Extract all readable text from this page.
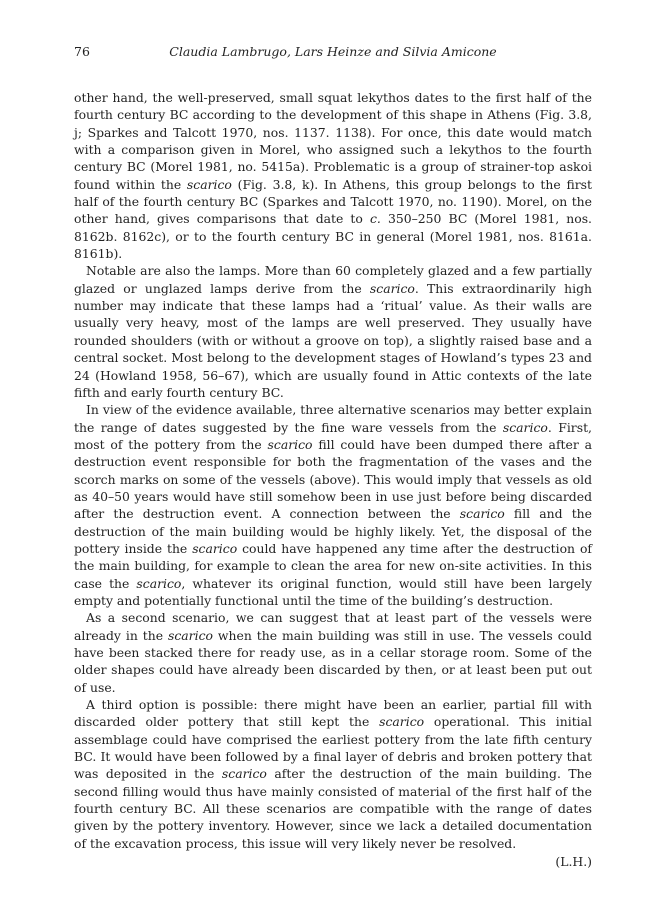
76	Claudia Lambrugo, Lars Heinze and Silvia Amicone

other hand, the well-preserved, small squat lekythos dates to the first half of the fourth century BC according to the development of this shape in Athens (Fig. 3.8, j; Sparkes and Talcott 1970, nos. 1137. 1138). For once, this date would match with a comparison given in Morel, who assigned such a lekythos to the fourth century BC (Morel 1981, no. 5415a). Problematic is a group of strainer-top askoi found within the scarico (Fig. 3.8, k). In Athens, this group belongs to the first half of the fourth century BC (Sparkes and Talcott 1970, no. 1190). Morel, on the other hand, gives comparisons that date to c. 350–250 BC (Morel 1981, nos. 8162b. 8162c), or to the fourth century BC in general (Morel 1981, nos. 8161a. 8161b).

Notable are also the lamps. More than 60 completely glazed and a few partially glazed or unglazed lamps derive from the scarico. This extraordinarily high number may indicate that these lamps had a ‘ritual’ value. As their walls are usually very heavy, most of the lamps are well preserved. They usually have rounded shoulders (with or without a groove on top), a slightly raised base and a central socket. Most belong to the development stages of Howland’s types 23 and 24 (Howland 1958, 56–67), which are usually found in Attic contexts of the late fifth and early fourth century BC.

In view of the evidence available, three alternative scenarios may better explain the range of dates suggested by the fine ware vessels from the scarico. First, most of the pottery from the scarico fill could have been dumped there after a destruction event responsible for both the fragmentation of the vases and the scorch marks on some of the vessels (above). This would imply that vessels as old as 40–50 years would have still somehow been in use just before being discarded after the destruction event. A connection between the scarico fill and the destruction of the main building would be highly likely. Yet, the disposal of the pottery inside the scarico could have happened any time after the destruction of the main building, for example to clean the area for new on-site activities. In this case the scarico, whatever its original function, would still have been largely empty and potentially functional until the time of the building’s destruction.

As a second scenario, we can suggest that at least part of the vessels were already in the scarico when the main building was still in use. The vessels could have been stacked there for ready use, as in a cellar storage room. Some of the older shapes could have already been discarded by then, or at least been put out of use.

A third option is possible: there might have been an earlier, partial fill with discarded older pottery that still kept the scarico operational. This initial assemblage could have comprised the earliest pottery from the late fifth century BC. It would have been followed by a final layer of debris and broken pottery that was deposited in the scarico after the destruction of the main building. The second filling would thus have mainly consisted of material of the first half of the fourth century BC. All these scenarios are compatible with the range of dates given by the pottery inventory. However, since we lack a detailed documentation of the excavation process, this issue will very likely never be resolved.

(L.H.)
